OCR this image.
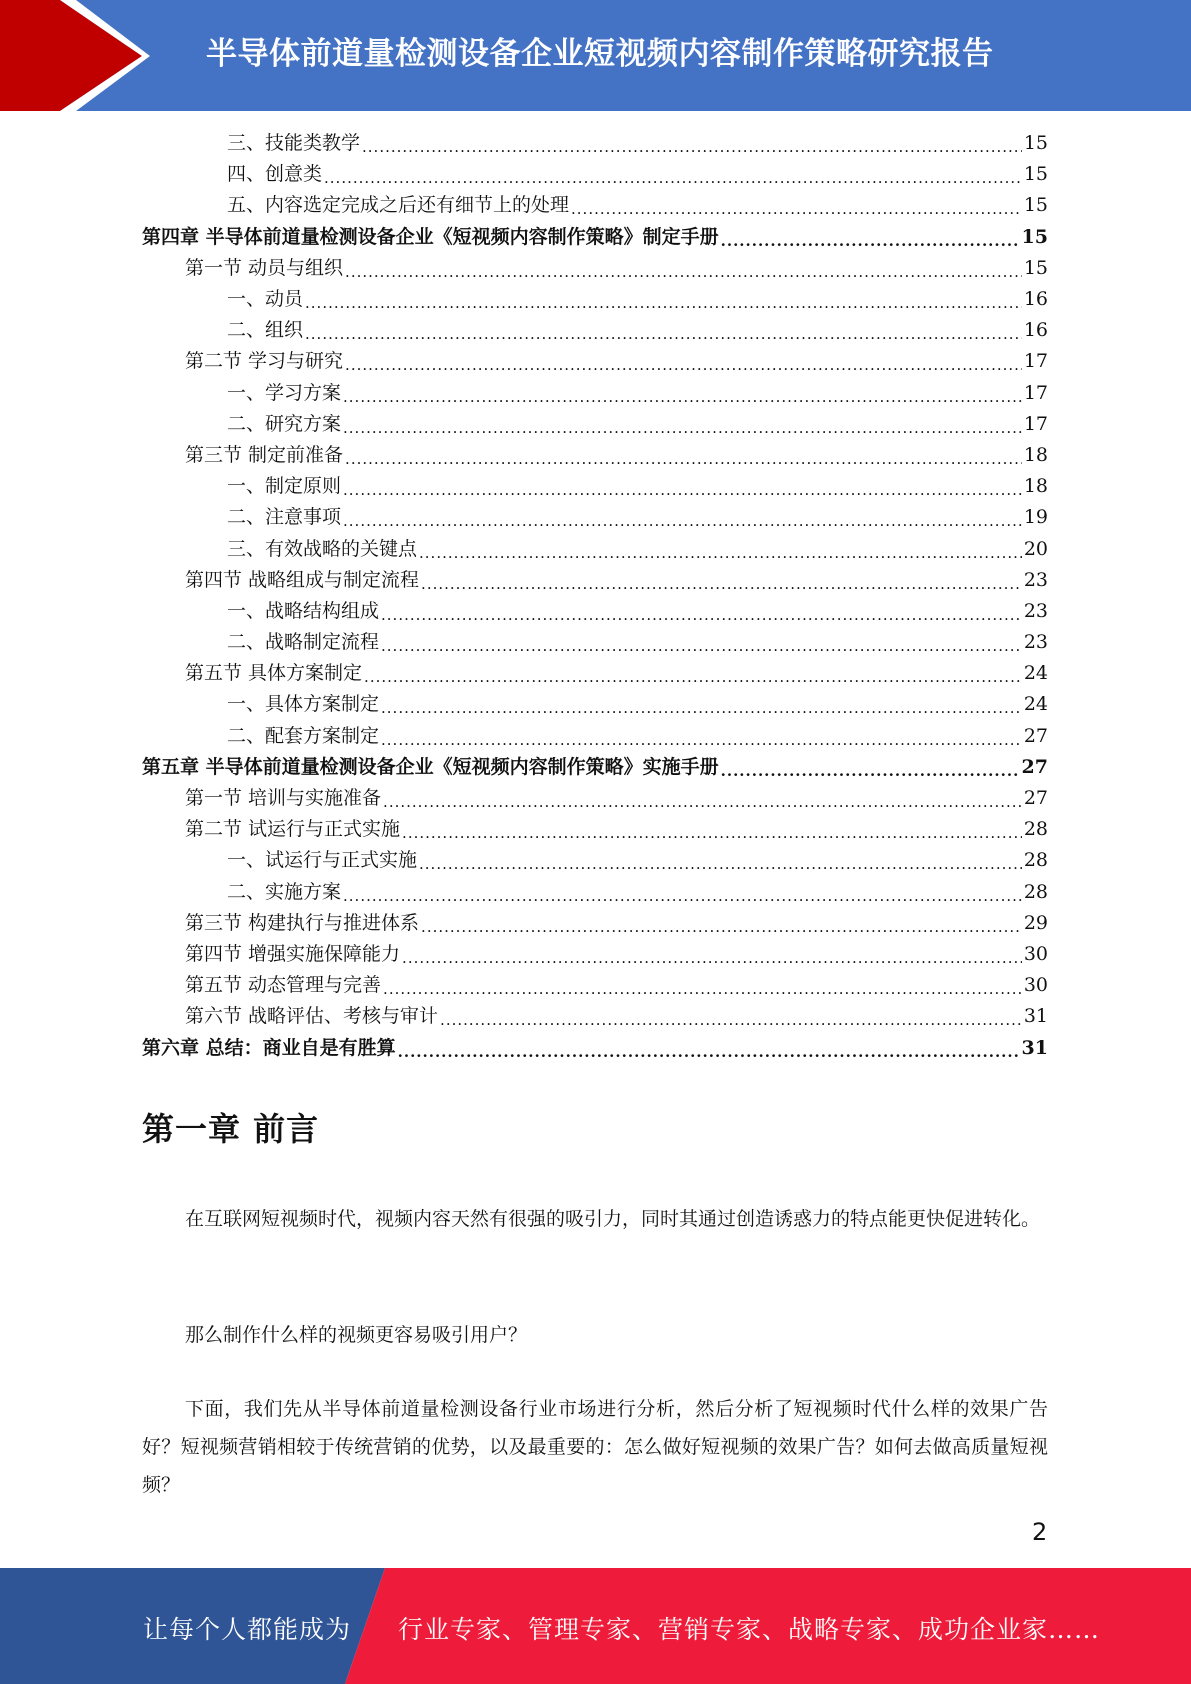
半导体前道量检测设备企业短视频内容制作策略研究报告
三、技能类教学 .....	15
四、创意类 .....	15
五、内容选定完成之后还有细节上的处理 .....	15
第四章 半导体前道量检测设备企业《短视频内容制作策略》制定手册 .....	15
第一节 动员与组织 .....	15
一、动员 .....	16
二、组织 .....	16
第二节 学习与研究 .....	17
一、学习方案 .....	17
二、研究方案 .....	17
第三节 制定前准备 .....	18
一、制定原则 .....	18
二、注意事项 .....	19
三、有效战略的关键点 .....	20
第四节 战略组成与制定流程 .....	23
一、战略结构组成 .....	23
二、战略制定流程 .....	23
第五节 具体方案制定 .....	24
一、具体方案制定 .....	24
二、配套方案制定 .....	27
第五章 半导体前道量检测设备企业《短视频内容制作策略》实施手册 .....	27
第一节 培训与实施准备 .....	27
第二节 试运行与正式实施 .....	28
一、试运行与正式实施 .....	28
二、实施方案 .....	28
第三节 构建执行与推进体系 .....	29
第四节 增强实施保障能力 .....	30
第五节 动态管理与完善 .....	30
第六节 战略评估、考核与审计 .....	31
第六章 总结：商业自是有胜算 .....	31
第一章 前言
在互联网短视频时代，视频内容天然有很强的吸引力，同时其通过创造诱惑力的特点能更快促进转化。
那么制作什么样的视频更容易吸引用户？
下面，我们先从半导体前道量检测设备行业市场进行分析，然后分析了短视频时代什么样的效果广告好？短视频营销相较于传统营销的优势，以及最重要的：怎么做好短视频的效果广告？如何去做高质量短视频？
2
让每个人都能成为 行业专家、管理专家、营销专家、战略专家、成功企业家……
